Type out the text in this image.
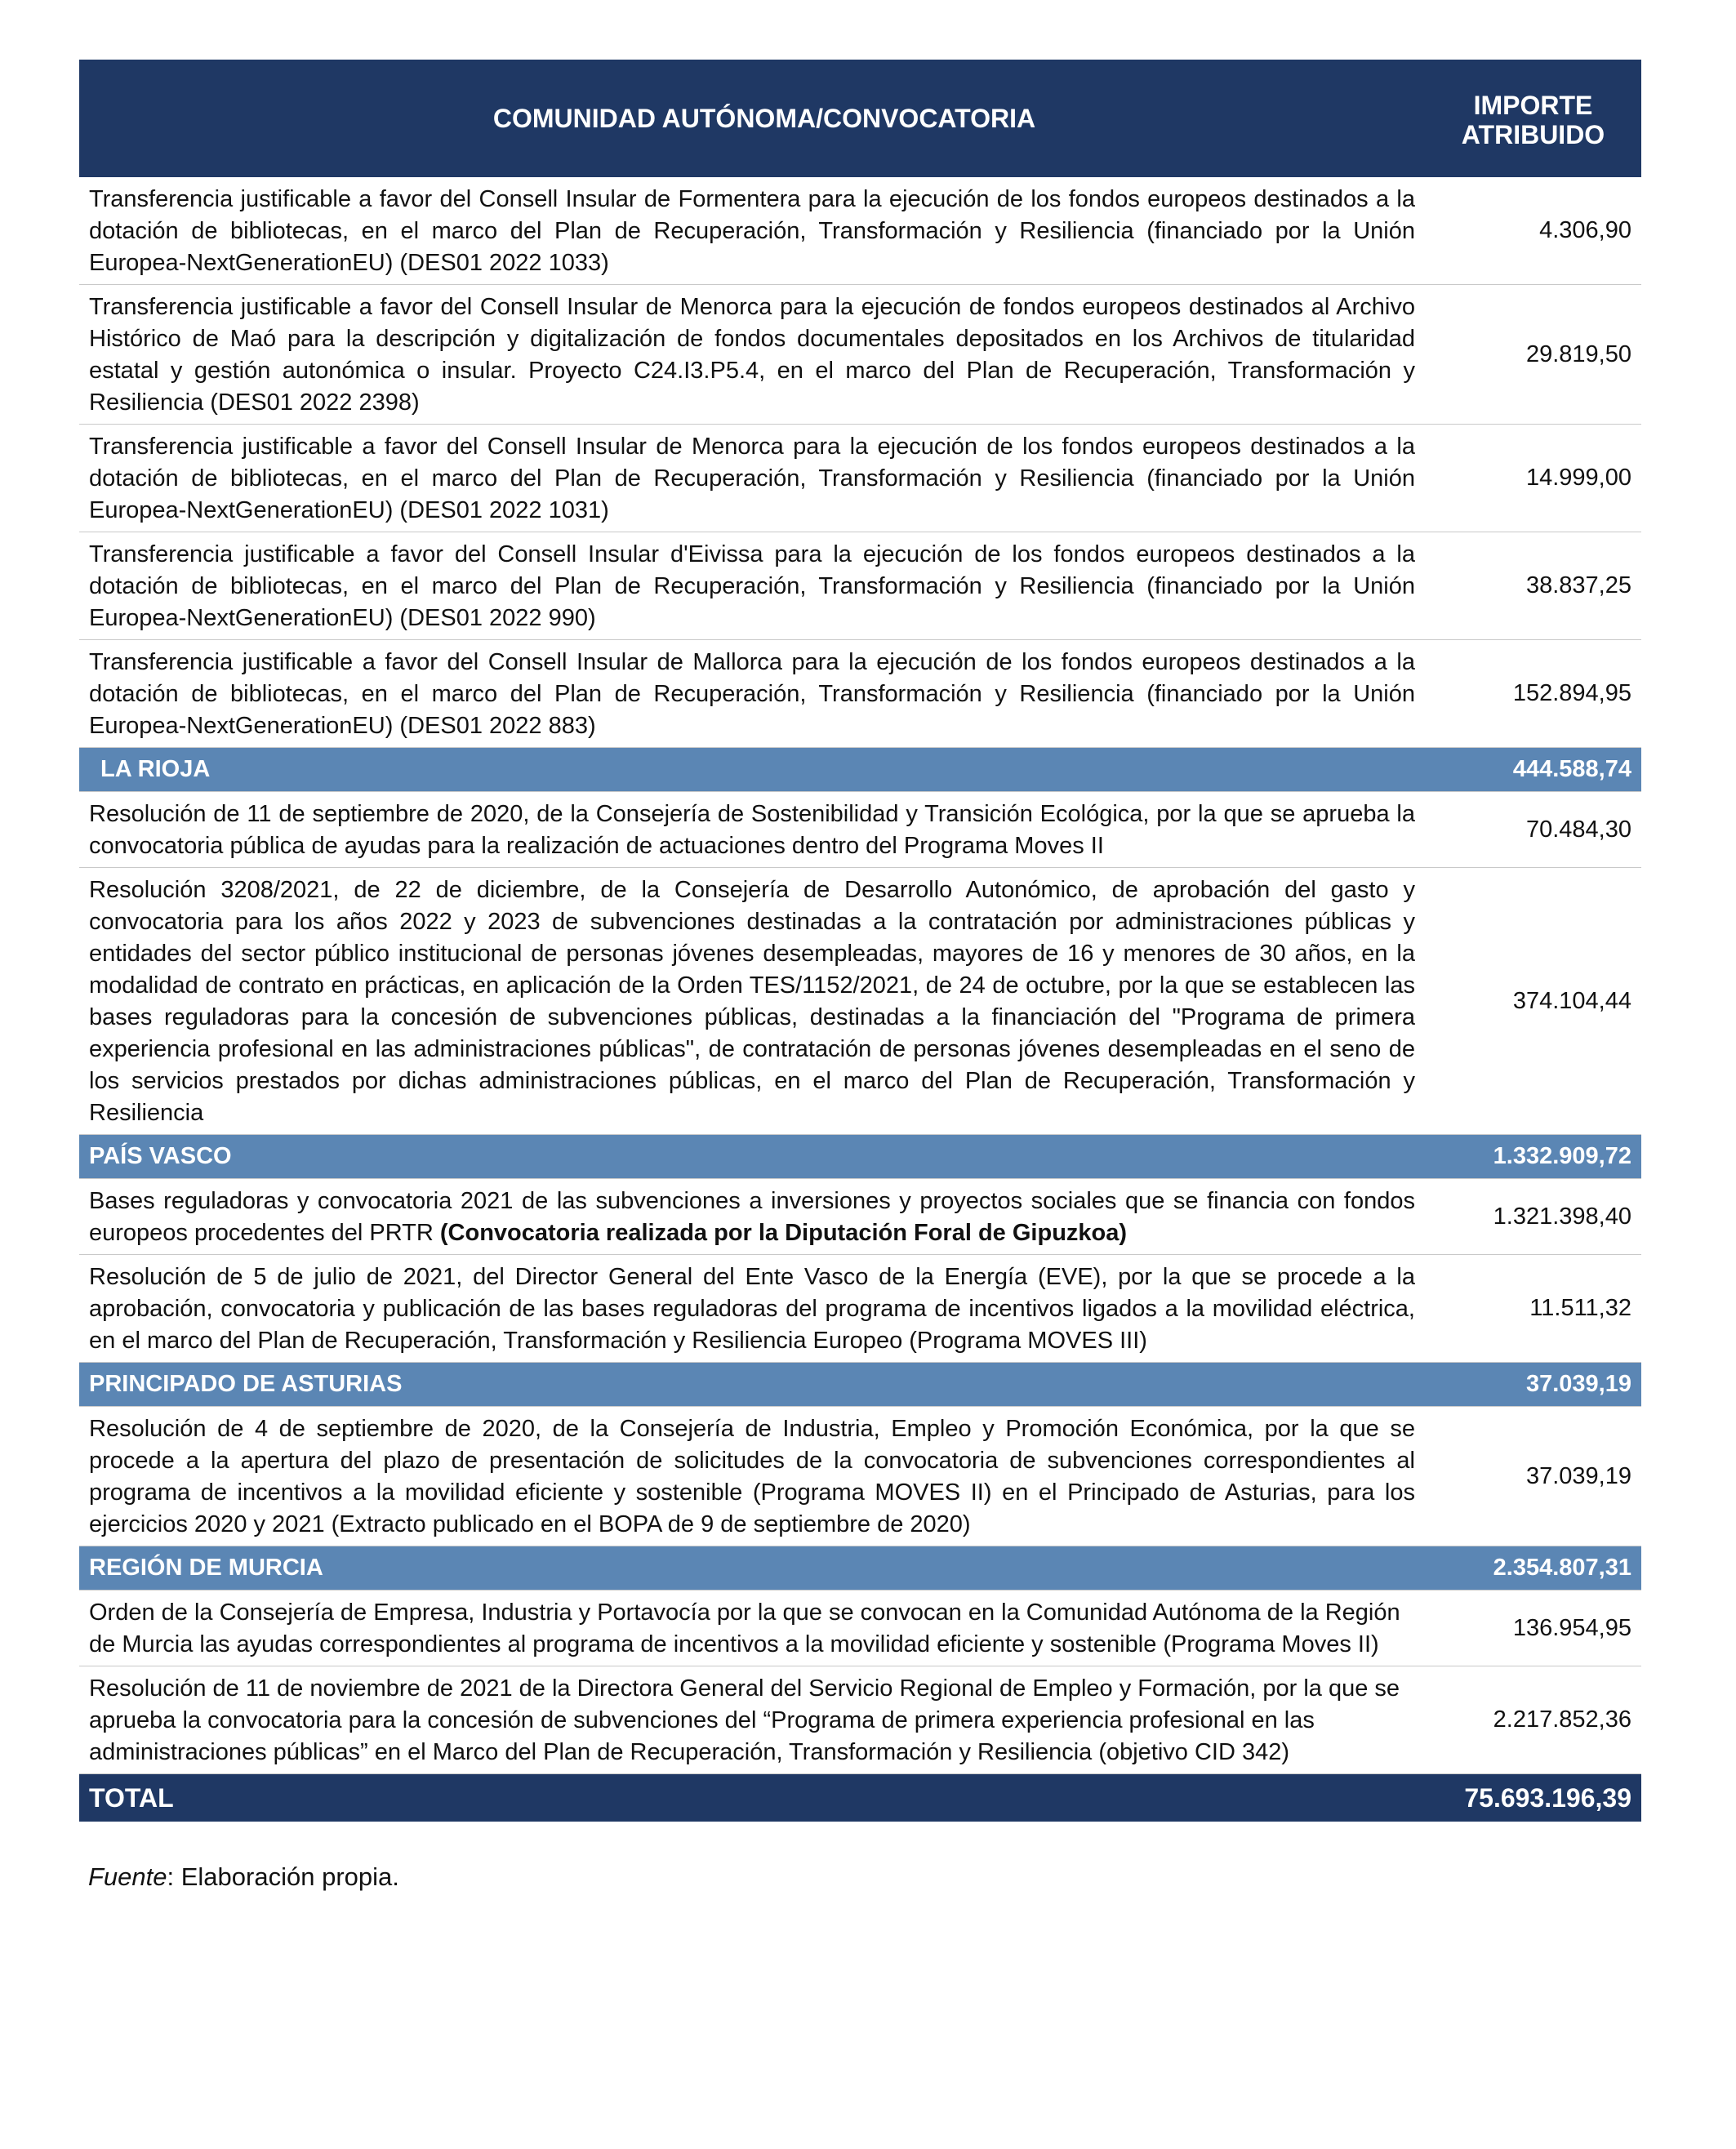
COMUNIDAD AUTÓNOMA/CONVOCATORIA	IMPORTE
ATRIBUIDO
Transferencia justificable a favor del Consell Insular de Formentera para la ejecución de los fondos europeos destinados a la dotación de bibliotecas, en el marco del Plan de Recuperación, Transformación y Resiliencia (financiado por la Unión Europea-NextGenerationEU) (DES01 2022 1033)
4.306,90
Transferencia justificable a favor del Consell Insular de Menorca para la ejecución de fondos europeos destinados al Archivo Histórico de Maó para la descripción y digitalización de fondos documentales depositados en los Archivos de titularidad estatal y gestión autonómica o insular. Proyecto C24.I3.P5.4, en el marco del Plan de Recuperación, Transformación y Resiliencia (DES01 2022 2398)
29.819,50
Transferencia justificable a favor del Consell Insular de Menorca para la ejecución de los fondos europeos destinados a la dotación de bibliotecas, en el marco del Plan de Recuperación, Transformación y Resiliencia (financiado por la Unión Europea-NextGenerationEU) (DES01 2022 1031)
14.999,00
Transferencia justificable a favor del Consell Insular d'Eivissa para la ejecución de los fondos europeos destinados a la dotación de bibliotecas, en el marco del Plan de Recuperación, Transformación y Resiliencia (financiado por la Unión Europea-NextGenerationEU) (DES01 2022 990)
38.837,25
Transferencia justificable a favor del Consell Insular de Mallorca para la ejecución de los fondos europeos destinados a la dotación de bibliotecas, en el marco del Plan de Recuperación, Transformación y Resiliencia (financiado por la Unión Europea-NextGenerationEU) (DES01 2022 883)
152.894,95
LA RIOJA	444.588,74
Resolución de 11 de septiembre de 2020, de la Consejería de Sostenibilidad y Transición Ecológica, por la que se aprueba la convocatoria pública de ayudas para la realización de actuaciones dentro del Programa Moves II
70.484,30
Resolución 3208/2021, de 22 de diciembre, de la Consejería de Desarrollo Autonómico, de aprobación del gasto y convocatoria para los años 2022 y 2023 de subvenciones destinadas a la contratación por administraciones públicas y entidades del sector público institucional de personas jóvenes desempleadas, mayores de 16 y menores de 30 años, en la modalidad de contrato en prácticas, en aplicación de la Orden TES/1152/2021, de 24 de octubre, por la que se establecen las bases reguladoras para la concesión de subvenciones públicas, destinadas a la financiación del "Programa de primera experiencia profesional en las administraciones públicas", de contratación de personas jóvenes desempleadas en el seno de los servicios prestados por dichas administraciones públicas, en el marco del Plan de Recuperación, Transformación y Resiliencia
374.104,44
PAÍS VASCO	1.332.909,72
Bases reguladoras y convocatoria 2021 de las subvenciones a inversiones y proyectos sociales que se financia con fondos europeos procedentes del PRTR (Convocatoria realizada por la Diputación Foral de Gipuzkoa)
1.321.398,40
Resolución de 5 de julio de 2021, del Director General del Ente Vasco de la Energía (EVE), por la que se procede a la aprobación, convocatoria y publicación de las bases reguladoras del programa de incentivos ligados a la movilidad eléctrica, en el marco del Plan de Recuperación, Transformación y Resiliencia Europeo (Programa MOVES III)
11.511,32
PRINCIPADO DE ASTURIAS	37.039,19
Resolución de 4 de septiembre de 2020, de la Consejería de Industria, Empleo y Promoción Económica, por la que se procede a la apertura del plazo de presentación de solicitudes de la convocatoria de subvenciones correspondientes al programa de incentivos a la movilidad eficiente y sostenible (Programa MOVES II) en el Principado de Asturias, para los ejercicios 2020 y 2021 (Extracto publicado en el BOPA de 9 de septiembre de 2020)
37.039,19
REGIÓN DE MURCIA	2.354.807,31
Orden de la Consejería de Empresa, Industria y Portavocía por la que se convocan en la Comunidad Autónoma de la Región de Murcia las ayudas correspondientes al programa de incentivos a la movilidad eficiente y sostenible (Programa Moves II)
136.954,95
Resolución de 11 de noviembre de 2021 de la Directora General del Servicio Regional de Empleo y Formación, por la que se aprueba la convocatoria para la concesión de subvenciones del “Programa de primera experiencia profesional en las administraciones públicas” en el Marco del Plan de Recuperación, Transformación y Resiliencia (objetivo CID 342)
2.217.852,36
TOTAL	75.693.196,39
Fuente: Elaboración propia.
